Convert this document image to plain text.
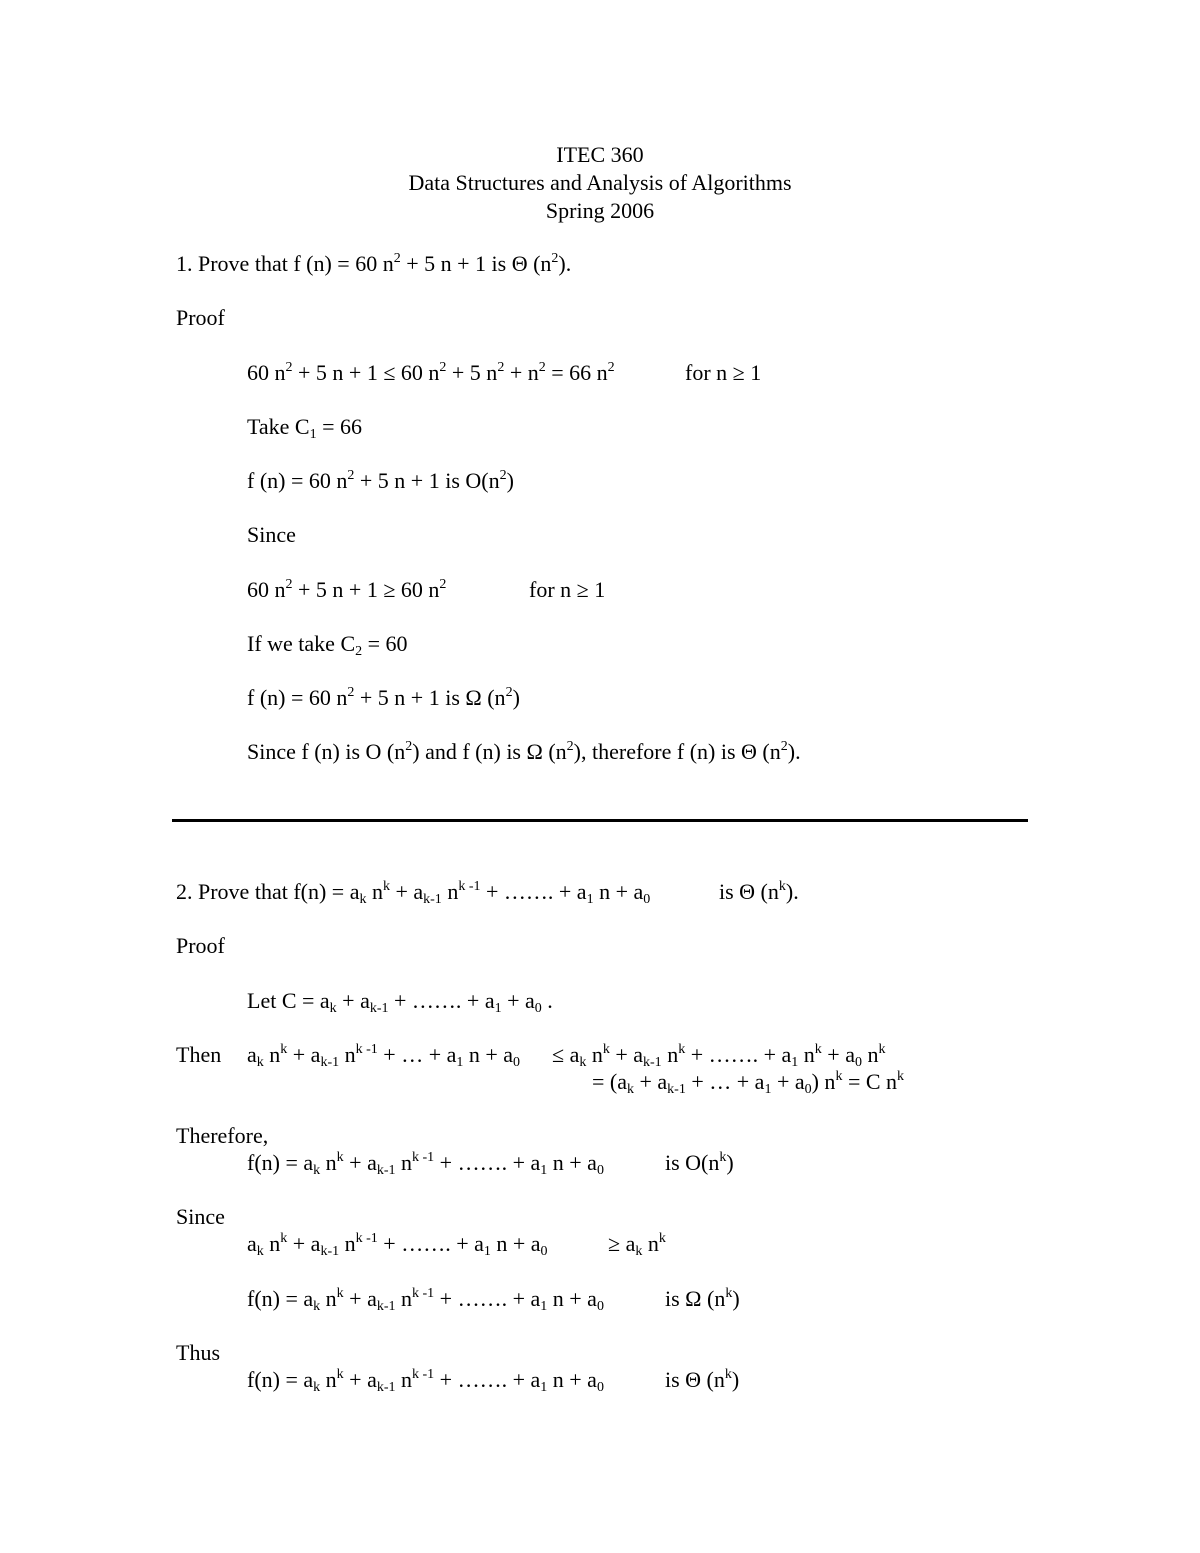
ITEC 360
Data Structures and Analysis of Algorithms
Spring 2006
1. Prove that f (n) = 60 $n^2 + 5$ n + 1 is Θ $(n^2)$.
Proof
60 $n^2 + 5$ n + 1 ≤ 60 $n^2 + 5$ $n^2 + n^2 = 66$ $n^2$	for n ≥ 1
Take $C_1 = 66$
f (n) = 60 $n^2 + 5$ n + 1 is $O(n^2)$
Since
60 $n^2 + 5$ n + 1 ≥ 60 $n^2$	for n ≥ 1
If we take $C_2 = 60$
f (n) = 60 $n^2 + 5$ n + 1 is Ω $(n^2)$
Since f (n) is O $(n^2)$ and f (n) is Ω $(n^2)$, therefore f (n) is Θ $(n^2)$.
2. Prove that $f(n) = a_k$ $n^k + a_{k-1}$ $n^{k -1}$ + ……. + $a_1$ $n + a_0$	is Θ $(n^k)$.
Proof
Let $C = a_k + a_{k-1}$ + ……. + $a_1 + a_0$ .
Then $a_k$ $n^k + a_{k-1}$ $n^{k -1}$ + … + $a_1$ $n + a_0 \le a_k$ $n^k + a_{k-1}$ $n^k$ + ……. + $a_1$ $n^k + a_0$ $n^k$
= ($a_k + a_{k-1}$ + … + $a_1 + a_0$) $n^k = C$ $n^k$
Therefore,
$f(n) = a_k$ $n^k + a_{k-1}$ $n^{k -1}$ + ……. + $a_1$ $n + a_0$	is $O(n^k)$
Since
$a_k$ $n^k + a_{k-1}$ $n^{k -1}$ + ……. + $a_1$ $n + a_0$	≥ $a_k$ $n^k$
$f(n) = a_k$ $n^k + a_{k-1}$ $n^{k -1}$ + ……. + $a_1$ $n + a_0$	is Ω $(n^k)$
Thus
$f(n) = a_k$ $n^k + a_{k-1}$ $n^{k -1}$ + ……. + $a_1$ $n + a_0$	is Θ $(n^k)$
